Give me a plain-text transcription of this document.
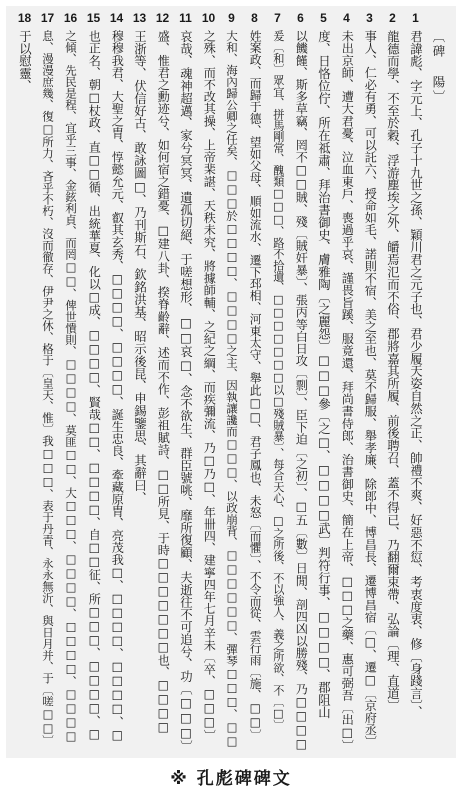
〔碑 陽〕
1
君諱彪、字元上、孔子十九世之孫、穎川君之元子也、君少履天姿自然之正、帥禮不爽、好惡不愆、考衷度衷、修〔身踐言〕、
2
龍德而學、不至於穀、浮游塵埃之外、皭焉氾而不俗、郡將嘉其所履、前後聘召、蓋不得已、乃翻爾束帶、弘論〔理、直道〕
3
事人、仁必有勇、可以託六、授命如毛、諾則不宿、美之至也、莫不歸服、舉孝廉、除郎中、博昌長、遷博昌宿〔□、遷□〔京府丞〕
4
未出京師、遭大君憂、泣血東戶、喪過乎哀、謹畏旨蹊、服竟還、拜尚書侍郎、治書御史、簡在上帝、□□□之藥、惠可弼吾〔出□〕
5
度、日恪位佇、所在祗肅、拜治書御史、膚雅陶〔之麗怨〕□□□參〔之□、□□□□武〕判符行事、□□□□、郡阻山
6
以饑饉、斯多草竊、罔不□□賊、殘〔賊奸暴〕、張丙等白日攻〔剽〕、臣下迫〔之初〕、□五〔數〕日閒、剖四凶以勝殘、乃□□□□
7
爰〔和〕眾宜、拼馬剛常、醜類□□□、路不拾遺、□□□□□□□以□殘賊暴〕、每合天心、□之所後、不以強人、義之所欲、不〔□〕
8
姓案政、而歸于德、望如父母、順如流水、遷下邳相、河東太守、舉此□□、君子鳳也、未怒〔而懼〕、不令而從、雲行雨〔施、□□〕
9
大和、海內歸公卿之任矣、□□□於□□□□、□□□□之主、因執讓讒而□□□、以政崩背、□□□□□□、彈琴□□□、□□
10
之殊、而不改其操、上帝棐諶、天秩未究、將據師輔、之紀之綱、而疾彌流、乃□乃□、年卌四、建寧四年七月辛未〔卒、□□□〕
11
哀哉、魂神超邁、家兮冥冥、遺孤切絕、于嗟想形、□□哀□、念不欲生、群臣號咷、靡所復顧、夫逝往不可追兮、功〔□□□〕
12
盛、惟君之勳迹兮、如何宿之錯憂、□建八卦、揆脊齡辭、述而不作、彭祖賦詩、□□所見、于時□□□□□□□也、□□□□
13
王浙等、伏信好古、敢詠圖□、乃刊斯石、欽銘洪基、昭示後昆、申錫鑒思、其辭曰、
14
穆穆我君、大聖之胄、惇懿允元、叡其玄秀、□□□□、□□□□、誕生忠良、牽藏原胄、亮茂我□、□□□□、□□□□、□
15
也正名、朝□杖政、直□□循、出統華夏、化以□成、□□□□、賢哉□□、□□□□、自□□征、所□□□、□□□□、□
16
之傾、先民是程、宜乎三事、金鉉利貞、而罔□□、俾世憒則、□□□□、莫匪□□、大□□□、□□□□、□□□□、□□□□
17
息、漫漫庶幾、復□所力、吝乎不朽、沒而徹存、伊尹之休、格于〔皇天、惟〕我□□□、表于丹青、永永無沂、與日月并、于〔嗟□□〕
18
于以慰靈、
※ 孔彪碑碑文
